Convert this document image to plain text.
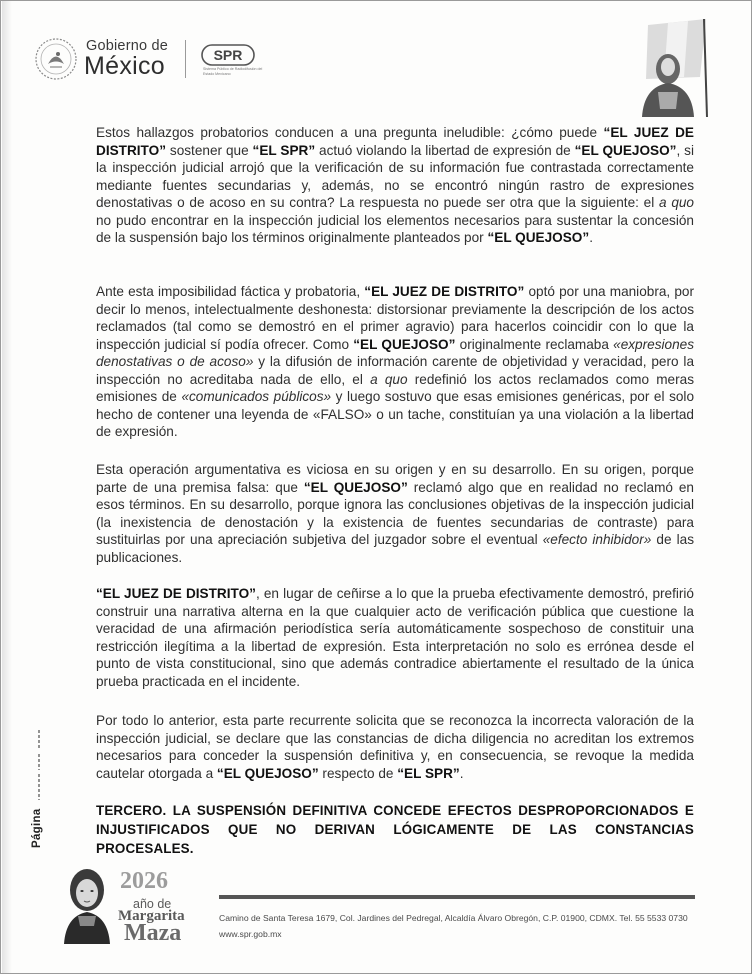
Gobierno de
México	SPR
Sistema Público de Radiodifusión del Estado Mexicano
Estos hallazgos probatorios conducen a una pregunta ineludible: ¿cómo puede “EL JUEZ DE DISTRITO” sostener que “EL SPR” actuó violando la libertad de expresión de “EL QUEJOSO”, si la inspección judicial arrojó que la verificación de su información fue contrastada correctamente mediante fuentes secundarias y, además, no se encontró ningún rastro de expresiones denostativas o de acoso en su contra? La respuesta no puede ser otra que la siguiente: el a quo no pudo encontrar en la inspección judicial los elementos necesarios para sustentar la concesión de la suspensión bajo los términos originalmente planteados por “EL QUEJOSO”.
Ante esta imposibilidad fáctica y probatoria, “EL JUEZ DE DISTRITO” optó por una maniobra, por decir lo menos, intelectualmente deshonesta: distorsionar previamente la descripción de los actos reclamados (tal como se demostró en el primer agravio) para hacerlos coincidir con lo que la inspección judicial sí podía ofrecer. Como “EL QUEJOSO” originalmente reclamaba «expresiones denostativas o de acoso» y la difusión de información carente de objetividad y veracidad, pero la inspección no acreditaba nada de ello, el a quo redefinió los actos reclamados como meras emisiones de «comunicados públicos» y luego sostuvo que esas emisiones genéricas, por el solo hecho de contener una leyenda de «FALSO» o un tache, constituían ya una violación a la libertad de expresión.
Esta operación argumentativa es viciosa en su origen y en su desarrollo. En su origen, porque parte de una premisa falsa: que “EL QUEJOSO” reclamó algo que en realidad no reclamó en esos términos. En su desarrollo, porque ignora las conclusiones objetivas de la inspección judicial (la inexistencia de denostación y la existencia de fuentes secundarias de contraste) para sustituirlas por una apreciación subjetiva del juzgador sobre el eventual «efecto inhibidor» de las publicaciones.
“EL JUEZ DE DISTRITO”, en lugar de ceñirse a lo que la prueba efectivamente demostró, prefirió construir una narrativa alterna en la que cualquier acto de verificación pública que cuestione la veracidad de una afirmación periodística sería automáticamente sospechoso de constituir una restricción ilegítima a la libertad de expresión. Esta interpretación no solo es errónea desde el punto de vista constitucional, sino que además contradice abiertamente el resultado de la única prueba practicada en el incidente.
Por todo lo anterior, esta parte recurrente solicita que se reconozca la incorrecta valoración de la inspección judicial, se declare que las constancias de dicha diligencia no acreditan los extremos necesarios para conceder la suspensión definitiva y, en consecuencia, se revoque la medida cautelar otorgada a “EL QUEJOSO” respecto de “EL SPR”.
TERCERO. LA SUSPENSIÓN DEFINITIVA CONCEDE EFECTOS DESPROPORCIONADOS E INJUSTIFICADOS QUE NO DERIVAN LÓGICAMENTE DE LAS CONSTANCIAS PROCESALES.
Página
2026
año de
Margarita
Maza
Camino de Santa Teresa 1679, Col. Jardines del Pedregal, Alcaldía Álvaro Obregón, C.P. 01900, CDMX. Tel. 55 5533 0730
www.spr.gob.mx
